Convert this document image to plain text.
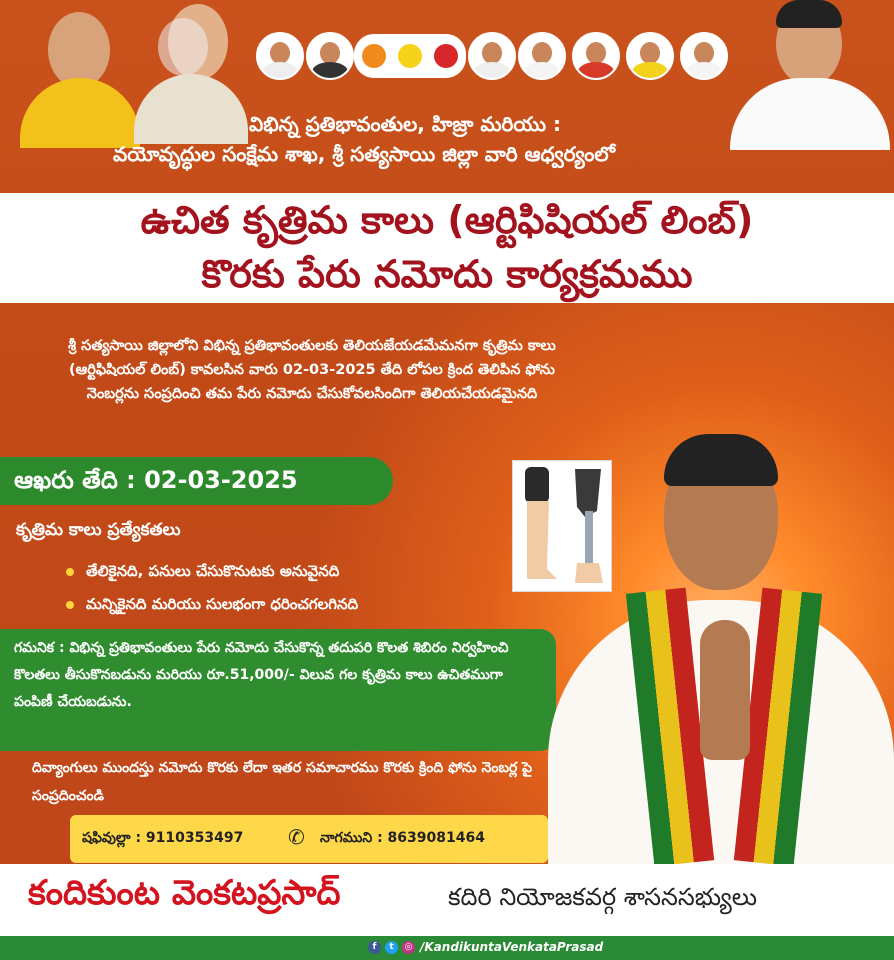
విభిన్న ప్రతిభావంతుల, హిజ్రా మరియు :
వయోవృద్ధుల సంక్షేమ శాఖ, శ్రీ సత్యసాయి జిల్లా వారి ఆధ్వర్యంలో
ఉచిత కృత్రిమ కాలు (ఆర్టిఫిషియల్ లింబ్)
కొరకు పేరు నమోదు కార్యక్రమము
శ్రీ సత్యసాయి జిల్లాలోని విభిన్న ప్రతిభావంతులకు తెలియజేయడమేమనగా కృత్రిమ కాలు (ఆర్టిఫిషియల్ లింబ్) కావలసిన వారు 02-03-2025 తేది లోపల క్రింద తెలిపిన ఫోను నెంబర్లను సంప్రదించి తమ పేరు నమోదు చేసుకోవలసిందిగా తెలియచేయడమైనది
ఆఖరు తేది : 02-03-2025
కృత్రిమ కాలు ప్రత్యేకతలు
తేలికైనది, పనులు చేసుకొనుటకు అనువైనది
మన్నికైనది మరియు సులభంగా ధరించగలగినది

గమనిక : విభిన్న ప్రతిభావంతులు పేరు నమోదు చేసుకొన్న తదుపరి కొలత శిబిరం నిర్వహించి కొలతలు తీసుకొనబడును మరియు రూ.51,000/- విలువ గల కృత్రిమ కాలు ఉచితముగా పంపిణీ చేయబడును.

దివ్యాంగులు ముందస్తు నమోదు కొరకు లేదా ఇతర సమాచారము కొరకు క్రింది ఫోను నెంబర్ల పై సంప్రదించండి
షఫివుల్లా : 9110353497 ✆ నాగముని : 8639081464
కందికుంట వెంకటప్రసాద్	కదిరి నియోజకవర్గ శాసనసభ్యులు
f	t	◎ /KandikuntaVenkataPrasad
